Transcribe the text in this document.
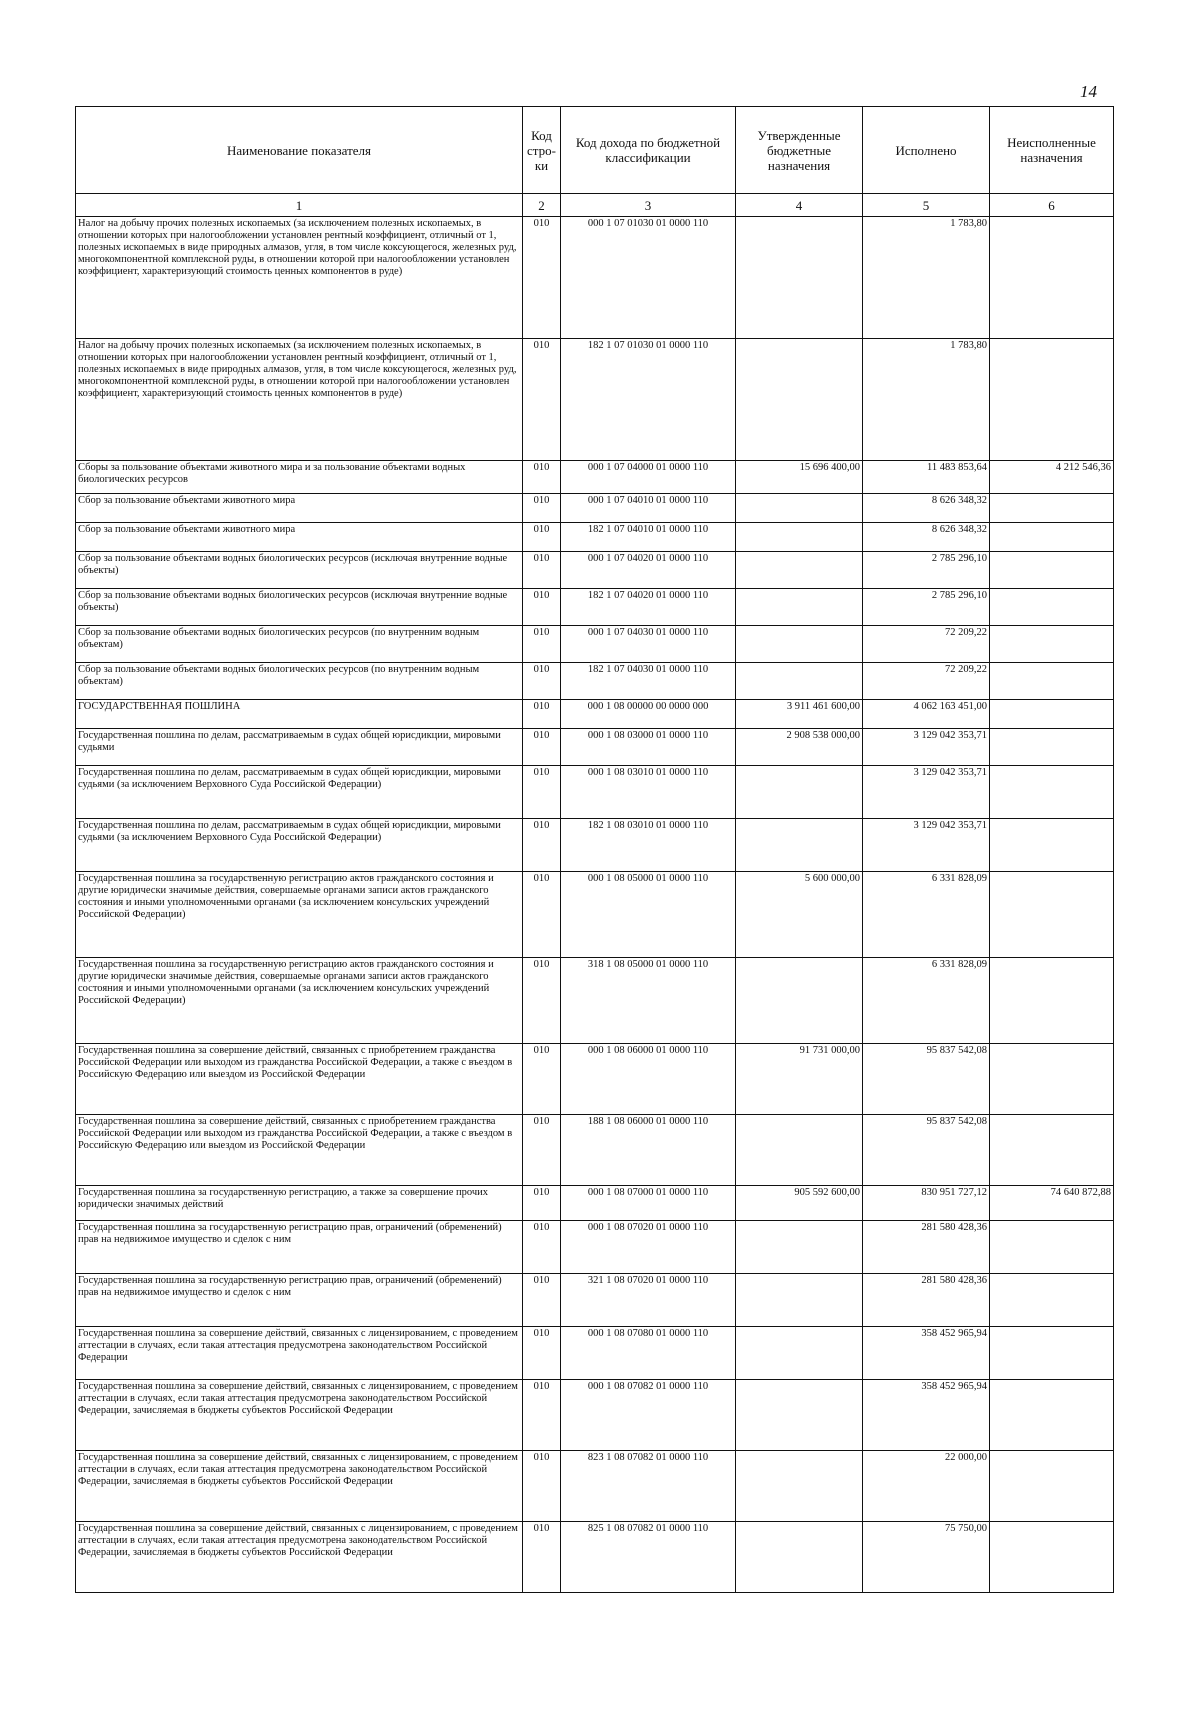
14
Наименование показателя	Код стро-ки	Код дохода по бюджетной классификации	Утвержденные бюджетные назначения	Исполнено	Неисполненные назначения
1	2	3	4	5	6
Налог на добычу прочих полезных ископаемых (за исключением полезных ископаемых, в отношении которых при налогообложении установлен рентный коэффициент, отличный от 1, полезных ископаемых в виде природных алмазов, угля, в том числе коксующегося, железных руд, многокомпонентной комплексной руды, в отношении которой при налогообложении установлен коэффициент, характеризующий стоимость ценных компонентов в руде)	010	000 1 07 01030 01 0000 110		1 783,80	
Налог на добычу прочих полезных ископаемых (за исключением полезных ископаемых, в отношении которых при налогообложении установлен рентный коэффициент, отличный от 1, полезных ископаемых в виде природных алмазов, угля, в том числе коксующегося, железных руд, многокомпонентной комплексной руды, в отношении которой при налогообложении установлен коэффициент, характеризующий стоимость ценных компонентов в руде)	010	182 1 07 01030 01 0000 110		1 783,80	
Сборы за пользование объектами животного мира и за пользование объектами водных биологических ресурсов	010	000 1 07 04000 01 0000 110	15 696 400,00	11 483 853,64	4 212 546,36
Сбор за пользование объектами животного мира	010	000 1 07 04010 01 0000 110		8 626 348,32	
Сбор за пользование объектами животного мира	010	182 1 07 04010 01 0000 110		8 626 348,32	
Сбор за пользование объектами водных биологических ресурсов (исключая внутренние водные объекты)	010	000 1 07 04020 01 0000 110		2 785 296,10	
Сбор за пользование объектами водных биологических ресурсов (исключая внутренние водные объекты)	010	182 1 07 04020 01 0000 110		2 785 296,10	
Сбор за пользование объектами водных биологических ресурсов (по внутренним водным объектам)	010	000 1 07 04030 01 0000 110		72 209,22	
Сбор за пользование объектами водных биологических ресурсов (по внутренним водным объектам)	010	182 1 07 04030 01 0000 110		72 209,22	
ГОСУДАРСТВЕННАЯ ПОШЛИНА	010	000 1 08 00000 00 0000 000	3 911 461 600,00	4 062 163 451,00	
Государственная пошлина по делам, рассматриваемым в судах общей юрисдикции, мировыми судьями	010	000 1 08 03000 01 0000 110	2 908 538 000,00	3 129 042 353,71	
Государственная пошлина по делам, рассматриваемым в судах общей юрисдикции, мировыми судьями (за исключением Верховного Суда Российской Федерации)	010	000 1 08 03010 01 0000 110		3 129 042 353,71	
Государственная пошлина по делам, рассматриваемым в судах общей юрисдикции, мировыми судьями (за исключением Верховного Суда Российской Федерации)	010	182 1 08 03010 01 0000 110		3 129 042 353,71	
Государственная пошлина за государственную регистрацию актов гражданского состояния и другие юридически значимые действия, совершаемые органами записи актов гражданского состояния и иными уполномоченными органами (за исключением консульских учреждений Российской Федерации)	010	000 1 08 05000 01 0000 110	5 600 000,00	6 331 828,09	
Государственная пошлина за государственную регистрацию актов гражданского состояния и другие юридически значимые действия, совершаемые органами записи актов гражданского состояния и иными уполномоченными органами (за исключением консульских учреждений Российской Федерации)	010	318 1 08 05000 01 0000 110		6 331 828,09	
Государственная пошлина за совершение действий, связанных с приобретением гражданства Российской Федерации или выходом из гражданства Российской Федерации, а также с въездом в Российскую Федерацию или выездом из Российской Федерации	010	000 1 08 06000 01 0000 110	91 731 000,00	95 837 542,08	
Государственная пошлина за совершение действий, связанных с приобретением гражданства Российской Федерации или выходом из гражданства Российской Федерации, а также с въездом в Российскую Федерацию или выездом из Российской Федерации	010	188 1 08 06000 01 0000 110		95 837 542,08	
Государственная пошлина за государственную регистрацию, а также за совершение прочих юридически значимых действий	010	000 1 08 07000 01 0000 110	905 592 600,00	830 951 727,12	74 640 872,88
Государственная пошлина за государственную регистрацию прав, ограничений (обременений) прав на недвижимое имущество и сделок с ним	010	000 1 08 07020 01 0000 110		281 580 428,36	
Государственная пошлина за государственную регистрацию прав, ограничений (обременений) прав на недвижимое имущество и сделок с ним	010	321 1 08 07020 01 0000 110		281 580 428,36	
Государственная пошлина за совершение действий, связанных с лицензированием, с проведением аттестации в случаях, если такая аттестация предусмотрена законодательством Российской Федерации	010	000 1 08 07080 01 0000 110		358 452 965,94	
Государственная пошлина за совершение действий, связанных с лицензированием, с проведением аттестации в случаях, если такая аттестация предусмотрена законодательством Российской Федерации, зачисляемая в бюджеты субъектов Российской Федерации	010	000 1 08 07082 01 0000 110		358 452 965,94	
Государственная пошлина за совершение действий, связанных с лицензированием, с проведением аттестации в случаях, если такая аттестация предусмотрена законодательством Российской Федерации, зачисляемая в бюджеты субъектов Российской Федерации	010	823 1 08 07082 01 0000 110		22 000,00	
Государственная пошлина за совершение действий, связанных с лицензированием, с проведением аттестации в случаях, если такая аттестация предусмотрена законодательством Российской Федерации, зачисляемая в бюджеты субъектов Российской Федерации	010	825 1 08 07082 01 0000 110		75 750,00	
